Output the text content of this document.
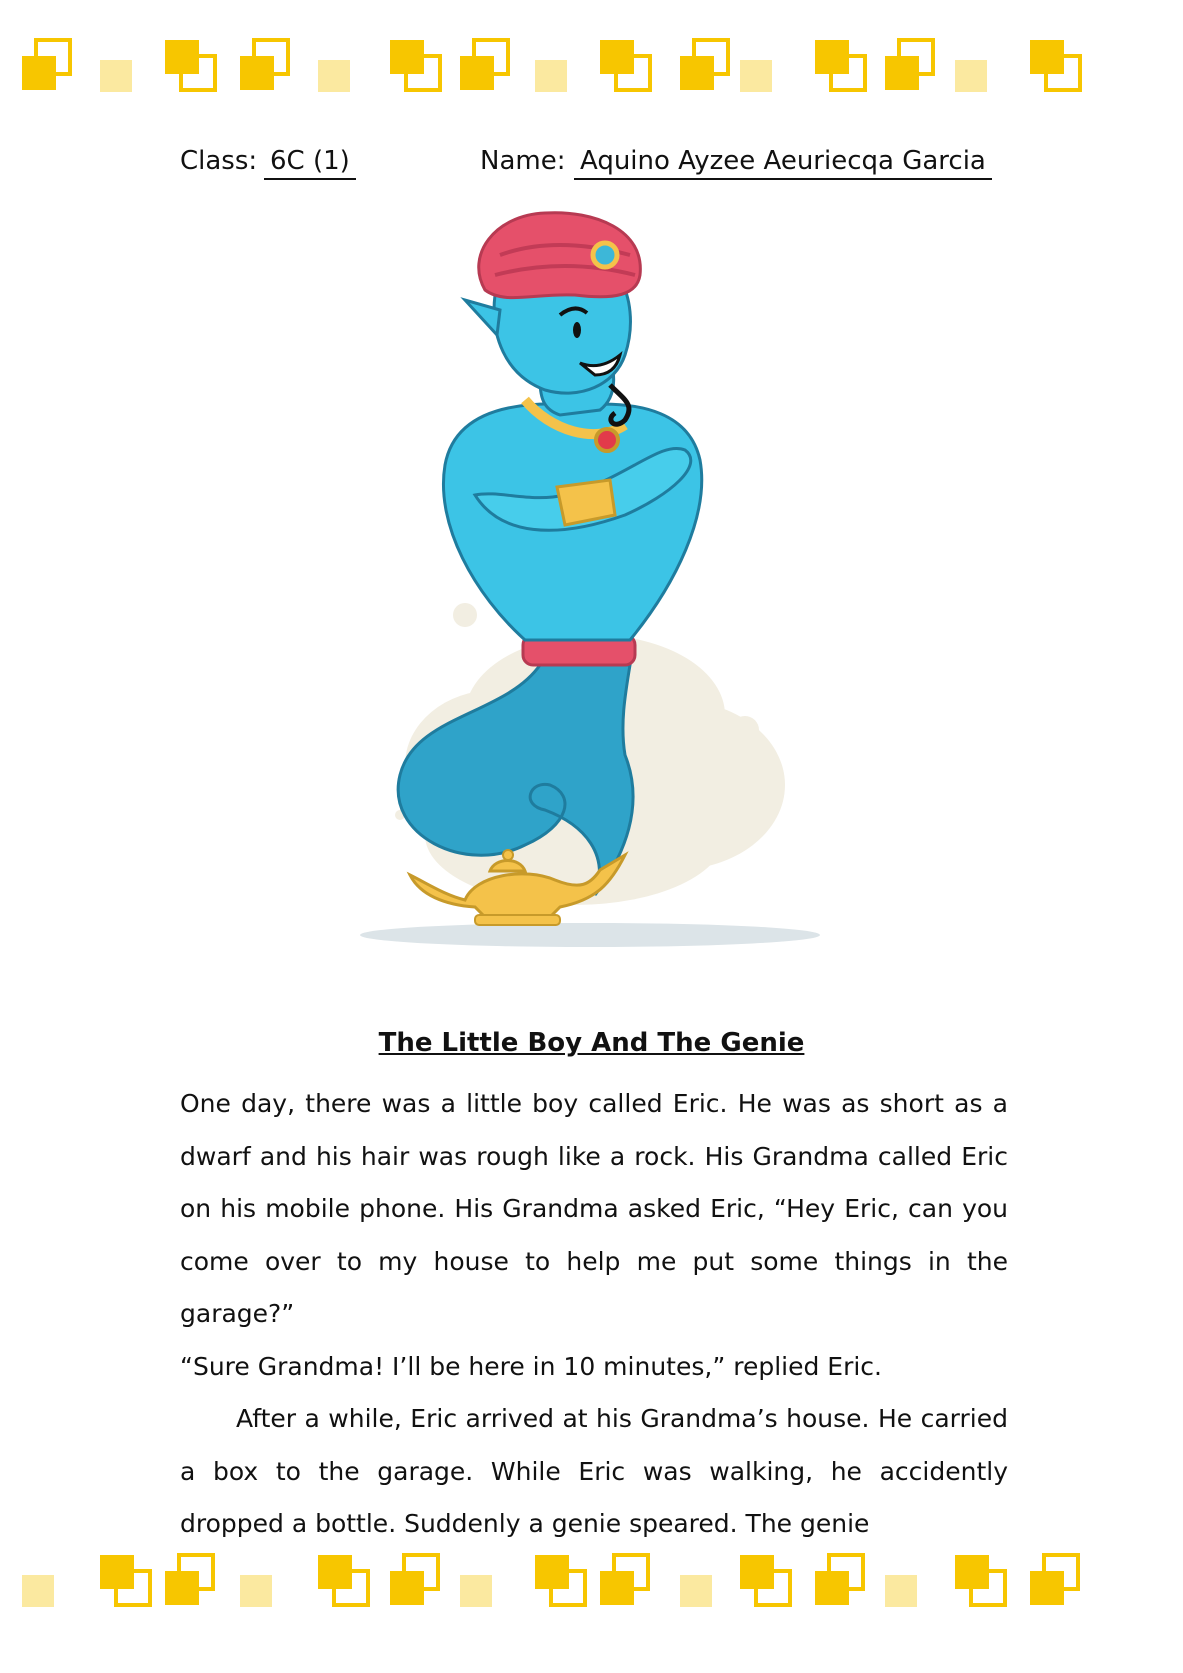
Class: 6C (1)	Name: Aquino Ayzee Aeuriecqa Garcia
The Little Boy And The Genie

One day, there was a little boy called Eric. He was as short as a dwarf and his hair was rough like a rock. His Grandma called Eric on his mobile phone. His Grandma asked Eric, “Hey Eric, can you come over to my house to help me put some things in the garage?”

“Sure Grandma! I’ll be here in 10 minutes,” replied Eric.

After a while, Eric arrived at his Grandma’s house. He carried a box to the garage. While Eric was walking, he accidently dropped a bottle. Suddenly a genie speared. The genie
